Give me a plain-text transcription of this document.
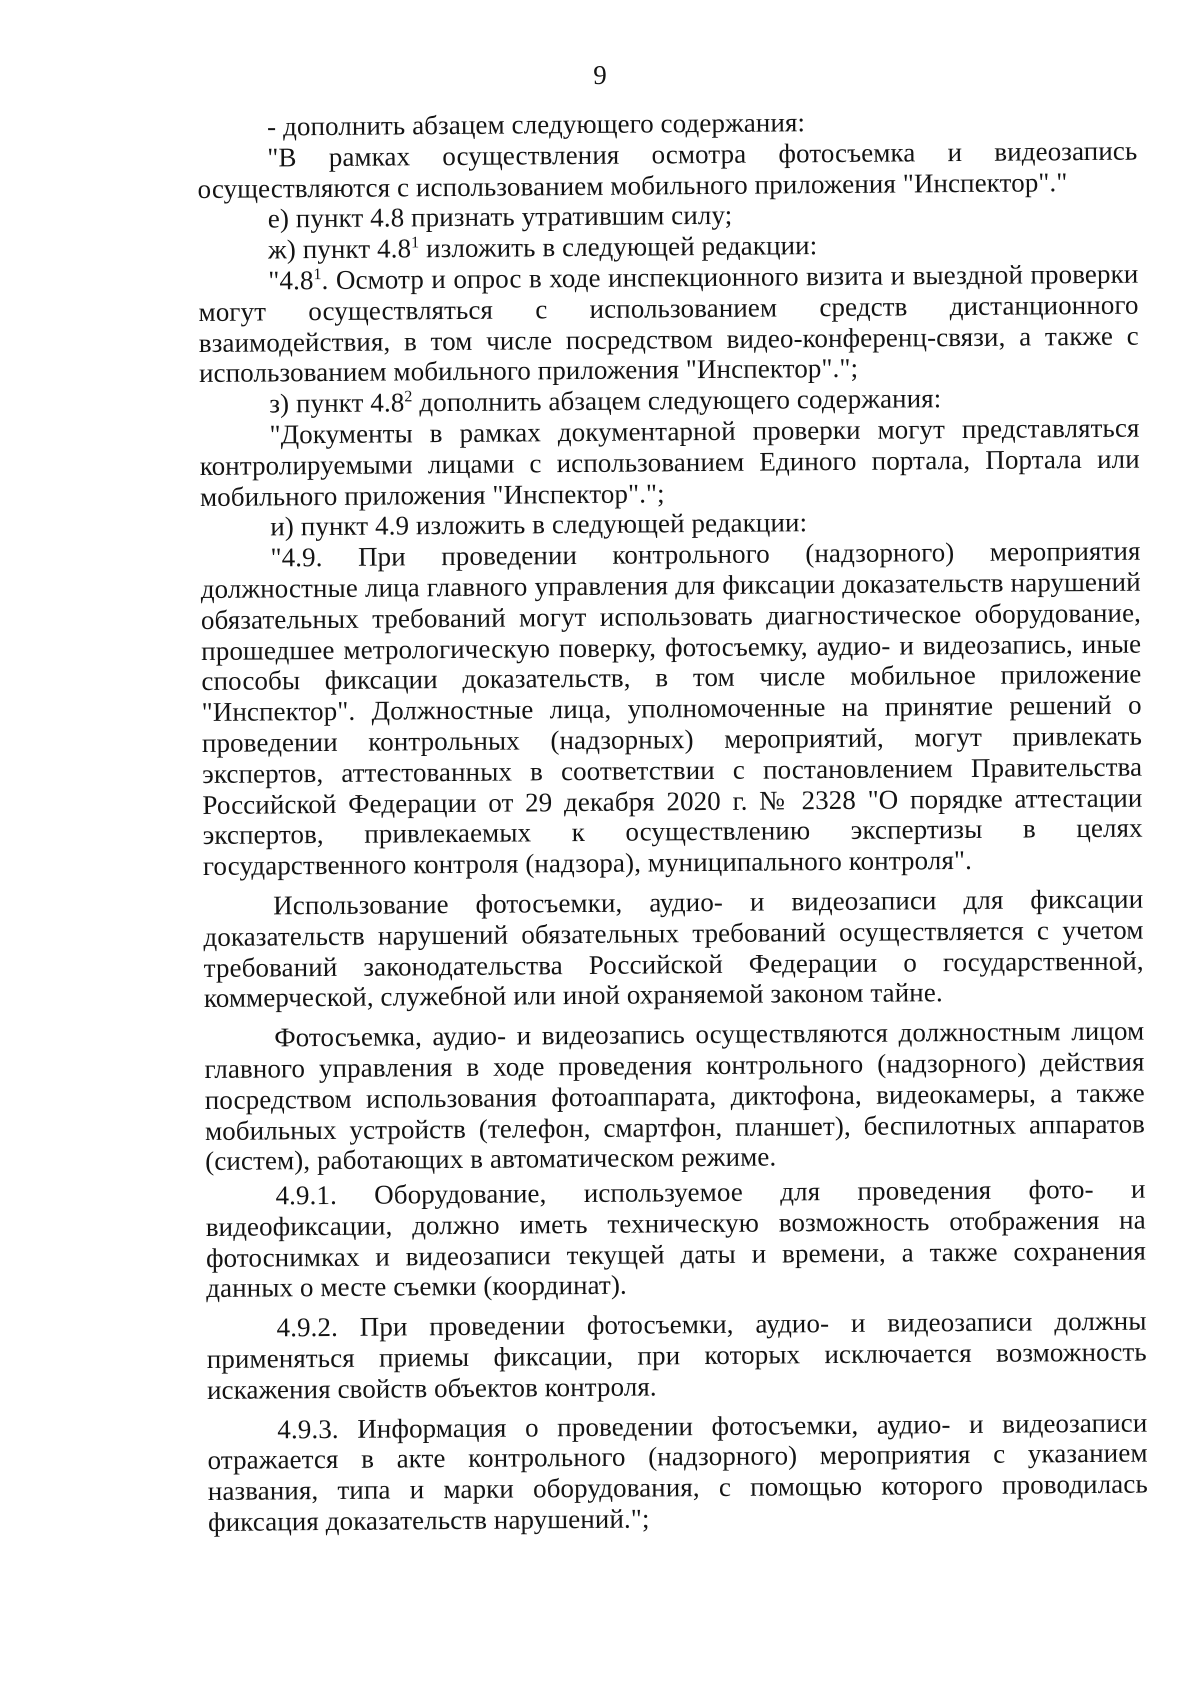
9

- дополнить абзацем следующего содержания:

"В рамках осуществления осмотра фотосъемка и видеозапись осуществляются с использованием мобильного приложения "Инспектор"."

е) пункт 4.8 признать утратившим силу;

ж) пункт $4.8^1$ изложить в следующей редакции:

"$4.8^1$. Осмотр и опрос в ходе инспекционного визита и выездной проверки могут осуществляться с использованием средств дистанционного взаимодействия, в том числе посредством видео-конференц-связи, а также с использованием мобильного приложения "Инспектор".";

з) пункт $4.8^2$ дополнить абзацем следующего содержания:

"Документы в рамках документарной проверки могут представляться контролируемыми лицами с использованием Единого портала, Портала или мобильного приложения "Инспектор".";

и) пункт 4.9 изложить в следующей редакции:

"4.9. При проведении контрольного (надзорного) мероприятия должностные лица главного управления для фиксации доказательств нарушений обязательных требований могут использовать диагностическое оборудование, прошедшее метрологическую поверку, фотосъемку, аудио- и видеозапись, иные способы фиксации доказательств, в том числе мобильное приложение "Инспектор". Должностные лица, уполномоченные на принятие решений о проведении контрольных (надзорных) мероприятий, могут привлекать экспертов, аттестованных в соответствии с постановлением Правительства Российской Федерации от 29 декабря 2020 г. № 2328 "О порядке аттестации экспертов, привлекаемых к осуществлению экспертизы в целях государственного контроля (надзора), муниципального контроля".

Использование фотосъемки, аудио- и видеозаписи для фиксации доказательств нарушений обязательных требований осуществляется с учетом требований законодательства Российской Федерации о государственной, коммерческой, служебной или иной охраняемой законом тайне.

Фотосъемка, аудио- и видеозапись осуществляются должностным лицом главного управления в ходе проведения контрольного (надзорного) действия посредством использования фотоаппарата, диктофона, видеокамеры, а также мобильных устройств (телефон, смартфон, планшет), беспилотных аппаратов (систем), работающих в автоматическом режиме.

4.9.1. Оборудование, используемое для проведения фото- и видеофиксации, должно иметь техническую возможность отображения на фотоснимках и видеозаписи текущей даты и времени, а также сохранения данных о месте съемки (координат).

4.9.2. При проведении фотосъемки, аудио- и видеозаписи должны применяться приемы фиксации, при которых исключается возможность искажения свойств объектов контроля.

4.9.3. Информация о проведении фотосъемки, аудио- и видеозаписи отражается в акте контрольного (надзорного) мероприятия с указанием названия, типа и марки оборудования, с помощью которого проводилась фиксация доказательств нарушений.";
